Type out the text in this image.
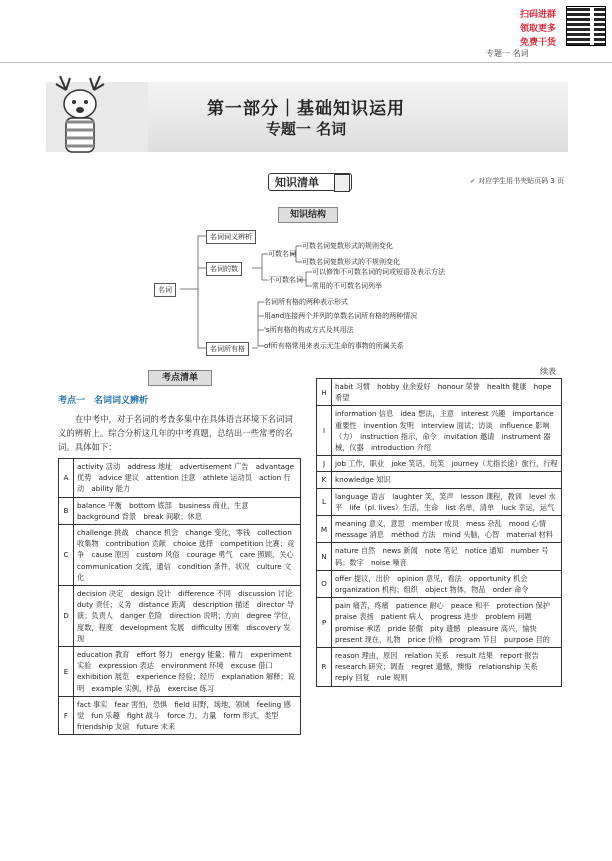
扫码进群
领取更多
免费干货
专题一 名词
第一部分｜基础知识运用
专题一 名词
知识清单	✓ 对应学生用书夹贴页码 3 页
知识结构
名词
名词词义辨析
名词的数
可数名词
可数名词复数形式的规则变化
可数名词复数形式的不规则变化
不可数名词
可以修饰不可数名词的词或短语及表示方法
常用的不可数名词列举
名词所有格
名词所有格的两种表示形式
用and连接两个并列的单数名词所有格的两种情况
's所有格的构成方式及其用法
of所有格常用来表示无生命的事物的所属关系
考点清单
考点一　名词词义辨析
在中考中，对于名词的考查多集中在具体语言环境下名词词义的辨析上。综合分析这几年的中考真题，总结出一些常考的名词。具体如下：
续表
A	activity 活动　address 地址　advertisement 广告　advantage 优势　advice 建议　attention 注意　athlete 运动员　action 行动　ability 能力
B	balance 平衡　bottom 底部　business 商业，生意　background 背景　break 间歇；休息
C	challenge 挑战　chance 机会　change 变化，零钱　collection 收集物　contribution 贡献　choice 选择　competition 比赛；竞争　cause 原因　custom 风俗　courage 勇气　care 照顾，关心　communication 交流，通信　condition 条件，状况　culture 文化
D	decision 决定　design 设计　difference 不同　discussion 讨论　duty 责任；义务　distance 距离　description 描述　director 导演；负责人　danger 危险　direction 说明；方向　degree 学位，度数，程度　development 发展　difficulty 困难　discovery 发现
E	education 教育　effort 努力　energy 能量；精力　experiment 实验　expression 表达　environment 环境　excuse 借口　exhibition 展览　experience 经验；经历　explanation 解释；说明　example 实例，样品　exercise 练习
F	fact 事实　fear 害怕，恐惧　field 田野，场地，领域　feeling 感觉　fun 乐趣　fight 战斗　force 力，力量　form 形式，类型　friendship 友谊　future 未来
H	habit 习惯　hobby 业余爱好　honour 荣誉　health 健康　hope 希望
I	information 信息　idea 想法，主意　interest 兴趣　importance 重要性　invention 发明　interview 面试；访谈　influence 影响（力）　instruction 指示，命令　invitation 邀请　instrument 器械，仪器　introduction 介绍
J	job 工作，职业　joke 笑话，玩笑　journey（尤指长途）旅行，行程
K	knowledge 知识
L	language 语言　laughter 笑，笑声　lesson 课程，教训　level 水平　life（pl. lives）生活，生命　list 名单，清单　luck 幸运，运气
M	meaning 意义，意思　member 成员　mess 杂乱　mood 心情　message 消息　method 方法　mind 头脑，心智　material 材料
N	nature 自然　news 新闻　note 笔记　notice 通知　number 号码；数字　noise 噪音
O	offer 提议，出价　opinion 意见，看法　opportunity 机会　organization 机构；组织　object 物体，物品　order 命令
P	pain 痛苦，疼痛　patience 耐心　peace 和平　protection 保护　praise 表扬　patient 病人　progress 进步　problem 问题　promise 承诺　pride 骄傲　pity 遗憾　pleasure 高兴，愉快　present 现在，礼物　price 价格　program 节目　purpose 目的
R	reason 理由，原因　relation 关系　result 结果　report 报告　research 研究；调查　regret 遗憾，懊悔　relationship 关系　reply 回复　rule 规则
